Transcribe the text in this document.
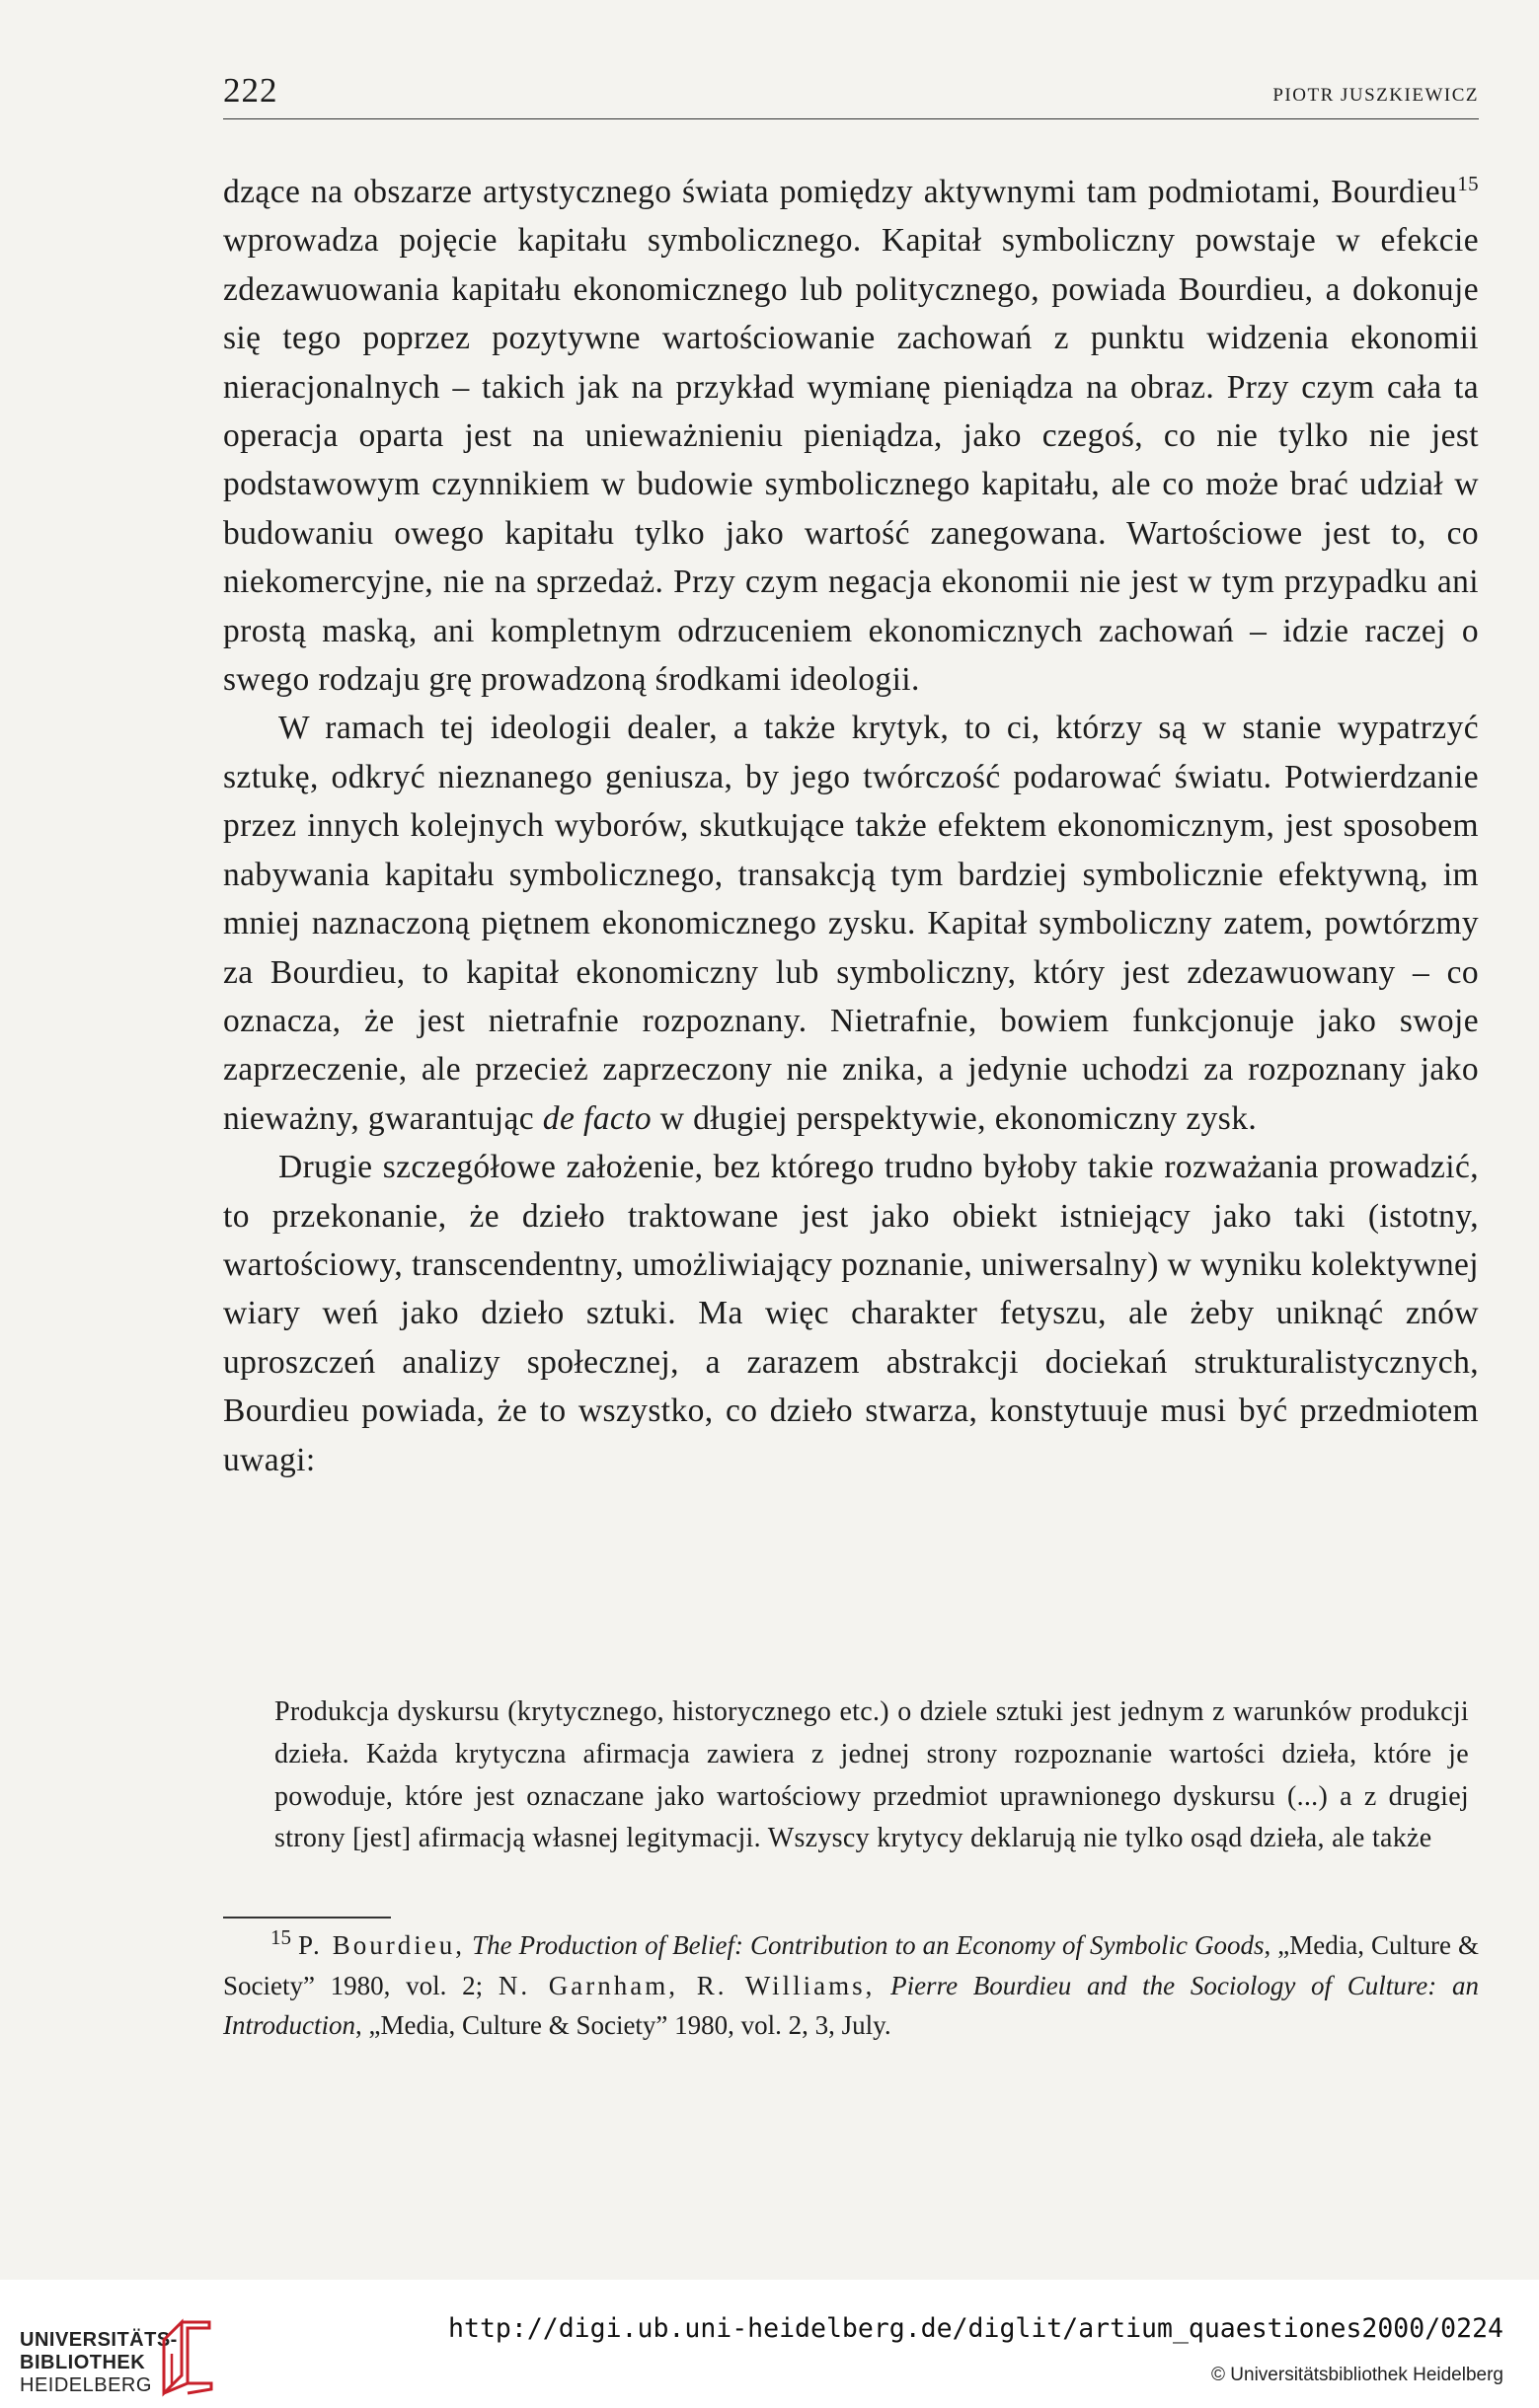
222	PIOTR JUSZKIEWICZ

dzące na obszarze artystycznego świata pomiędzy aktywnymi tam podmiotami, Bourdieu$^{15}$ wprowadza pojęcie kapitału symbolicznego. Kapitał symboliczny powstaje w efekcie zdezawuowania kapitału ekonomicznego lub politycznego, powiada Bourdieu, a dokonuje się tego poprzez pozytywne wartościowanie zachowań z punktu widzenia ekonomii nieracjonalnych – takich jak na przykład wymianę pieniądza na obraz. Przy czym cała ta operacja oparta jest na unieważnieniu pieniądza, jako czegoś, co nie tylko nie jest podstawowym czynnikiem w budowie symbolicznego kapitału, ale co może brać udział w budowaniu owego kapitału tylko jako wartość zanegowana. Wartościowe jest to, co niekomercyjne, nie na sprzedaż. Przy czym negacja ekonomii nie jest w tym przypadku ani prostą maską, ani kompletnym odrzuceniem ekonomicznych zachowań – idzie raczej o swego rodzaju grę prowadzoną środkami ideologii.

W ramach tej ideologii dealer, a także krytyk, to ci, którzy są w stanie wypatrzyć sztukę, odkryć nieznanego geniusza, by jego twórczość podarować światu. Potwierdzanie przez innych kolejnych wyborów, skutkujące także efektem ekonomicznym, jest sposobem nabywania kapitału symbolicznego, transakcją tym bardziej symbolicznie efektywną, im mniej naznaczoną piętnem ekonomicznego zysku. Kapitał symboliczny zatem, powtórzmy za Bourdieu, to kapitał ekonomiczny lub symboliczny, który jest zdezawuowany – co oznacza, że jest nietrafnie rozpoznany. Nietrafnie, bowiem funkcjonuje jako swoje zaprzeczenie, ale przecież zaprzeczony nie znika, a jedynie uchodzi za rozpoznany jako nieważny, gwarantując de facto w długiej perspektywie, ekonomiczny zysk.

Drugie szczegółowe założenie, bez którego trudno byłoby takie rozważania prowadzić, to przekonanie, że dzieło traktowane jest jako obiekt istniejący jako taki (istotny, wartościowy, transcendentny, umożliwiający poznanie, uniwersalny) w wyniku kolektywnej wiary weń jako dzieło sztuki. Ma więc charakter fetyszu, ale żeby uniknąć znów uproszczeń analizy społecznej, a zarazem abstrakcji dociekań strukturalistycznych, Bourdieu powiada, że to wszystko, co dzieło stwarza, konstytuuje musi być przedmiotem uwagi:

Produkcja dyskursu (krytycznego, historycznego etc.) o dziele sztuki jest jednym z warunków produkcji dzieła. Każda krytyczna afirmacja zawiera z jednej strony rozpoznanie wartości dzieła, które je powoduje, które jest oznaczane jako wartościowy przedmiot uprawnionego dyskursu (...) a z drugiej strony [jest] afirmacją własnej legitymacji. Wszyscy krytycy deklarują nie tylko osąd dzieła, ale także

$^{15}$ P. Bourdieu, The Production of Belief: Contribution to an Economy of Symbolic Goods, „Media, Culture & Society” 1980, vol. 2; N. Garnham, R. Williams, Pierre Bourdieu and the Sociology of Culture: an Introduction, „Media, Culture & Society” 1980, vol. 2, 3, July.

UNIVERSITÄTS-
BIBLIOTHEK
HEIDELBERG
http://digi.ub.uni-heidelberg.de/diglit/artium_quaestiones2000/0224
© Universitätsbibliothek Heidelberg
